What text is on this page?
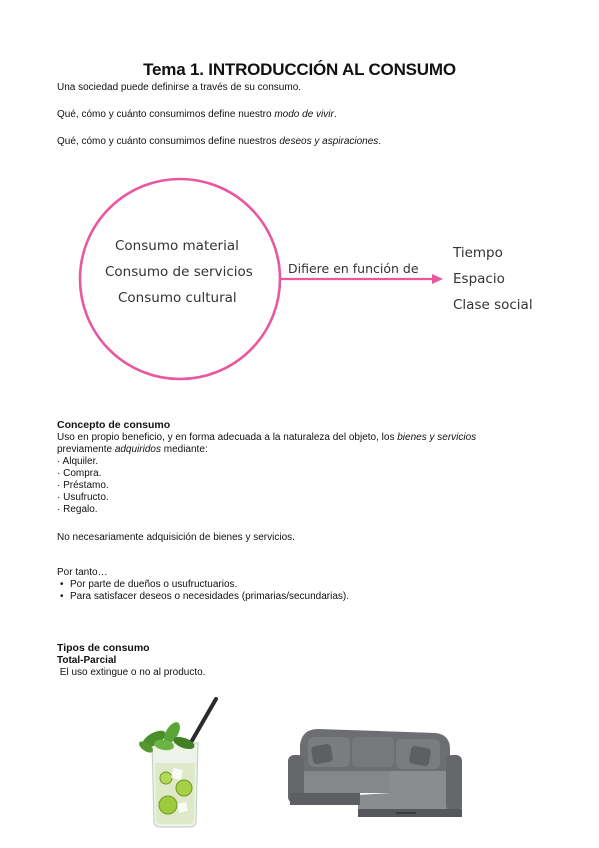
Tema 1. INTRODUCCIÓN AL CONSUMO
Una sociedad puede definirse a través de su consumo.
Qué, cómo y cuánto consumimos define nuestro modo de vivir.
Qué, cómo y cuánto consumimos define nuestros deseos y aspiraciones.
Consumo material
Consumo de servicios
Consumo cultural
Difiere en función de
Tiempo
Espacio
Clase social
Concepto de consumo
Uso en propio beneficio, y en forma adecuada a la naturaleza del objeto, los bienes y servicios
previamente adquiridos mediante:
· Alquiler.
· Compra.
· Préstamo.
· Usufructo.
· Regalo.
No necesariamente adquisición de bienes y servicios.
Por tanto…
• Por parte de dueños o usufructuarios.
• Para satisfacer deseos o necesidades (primarias/secundarias).
Tipos de consumo
Total-Parcial
El uso extingue o no al producto.
